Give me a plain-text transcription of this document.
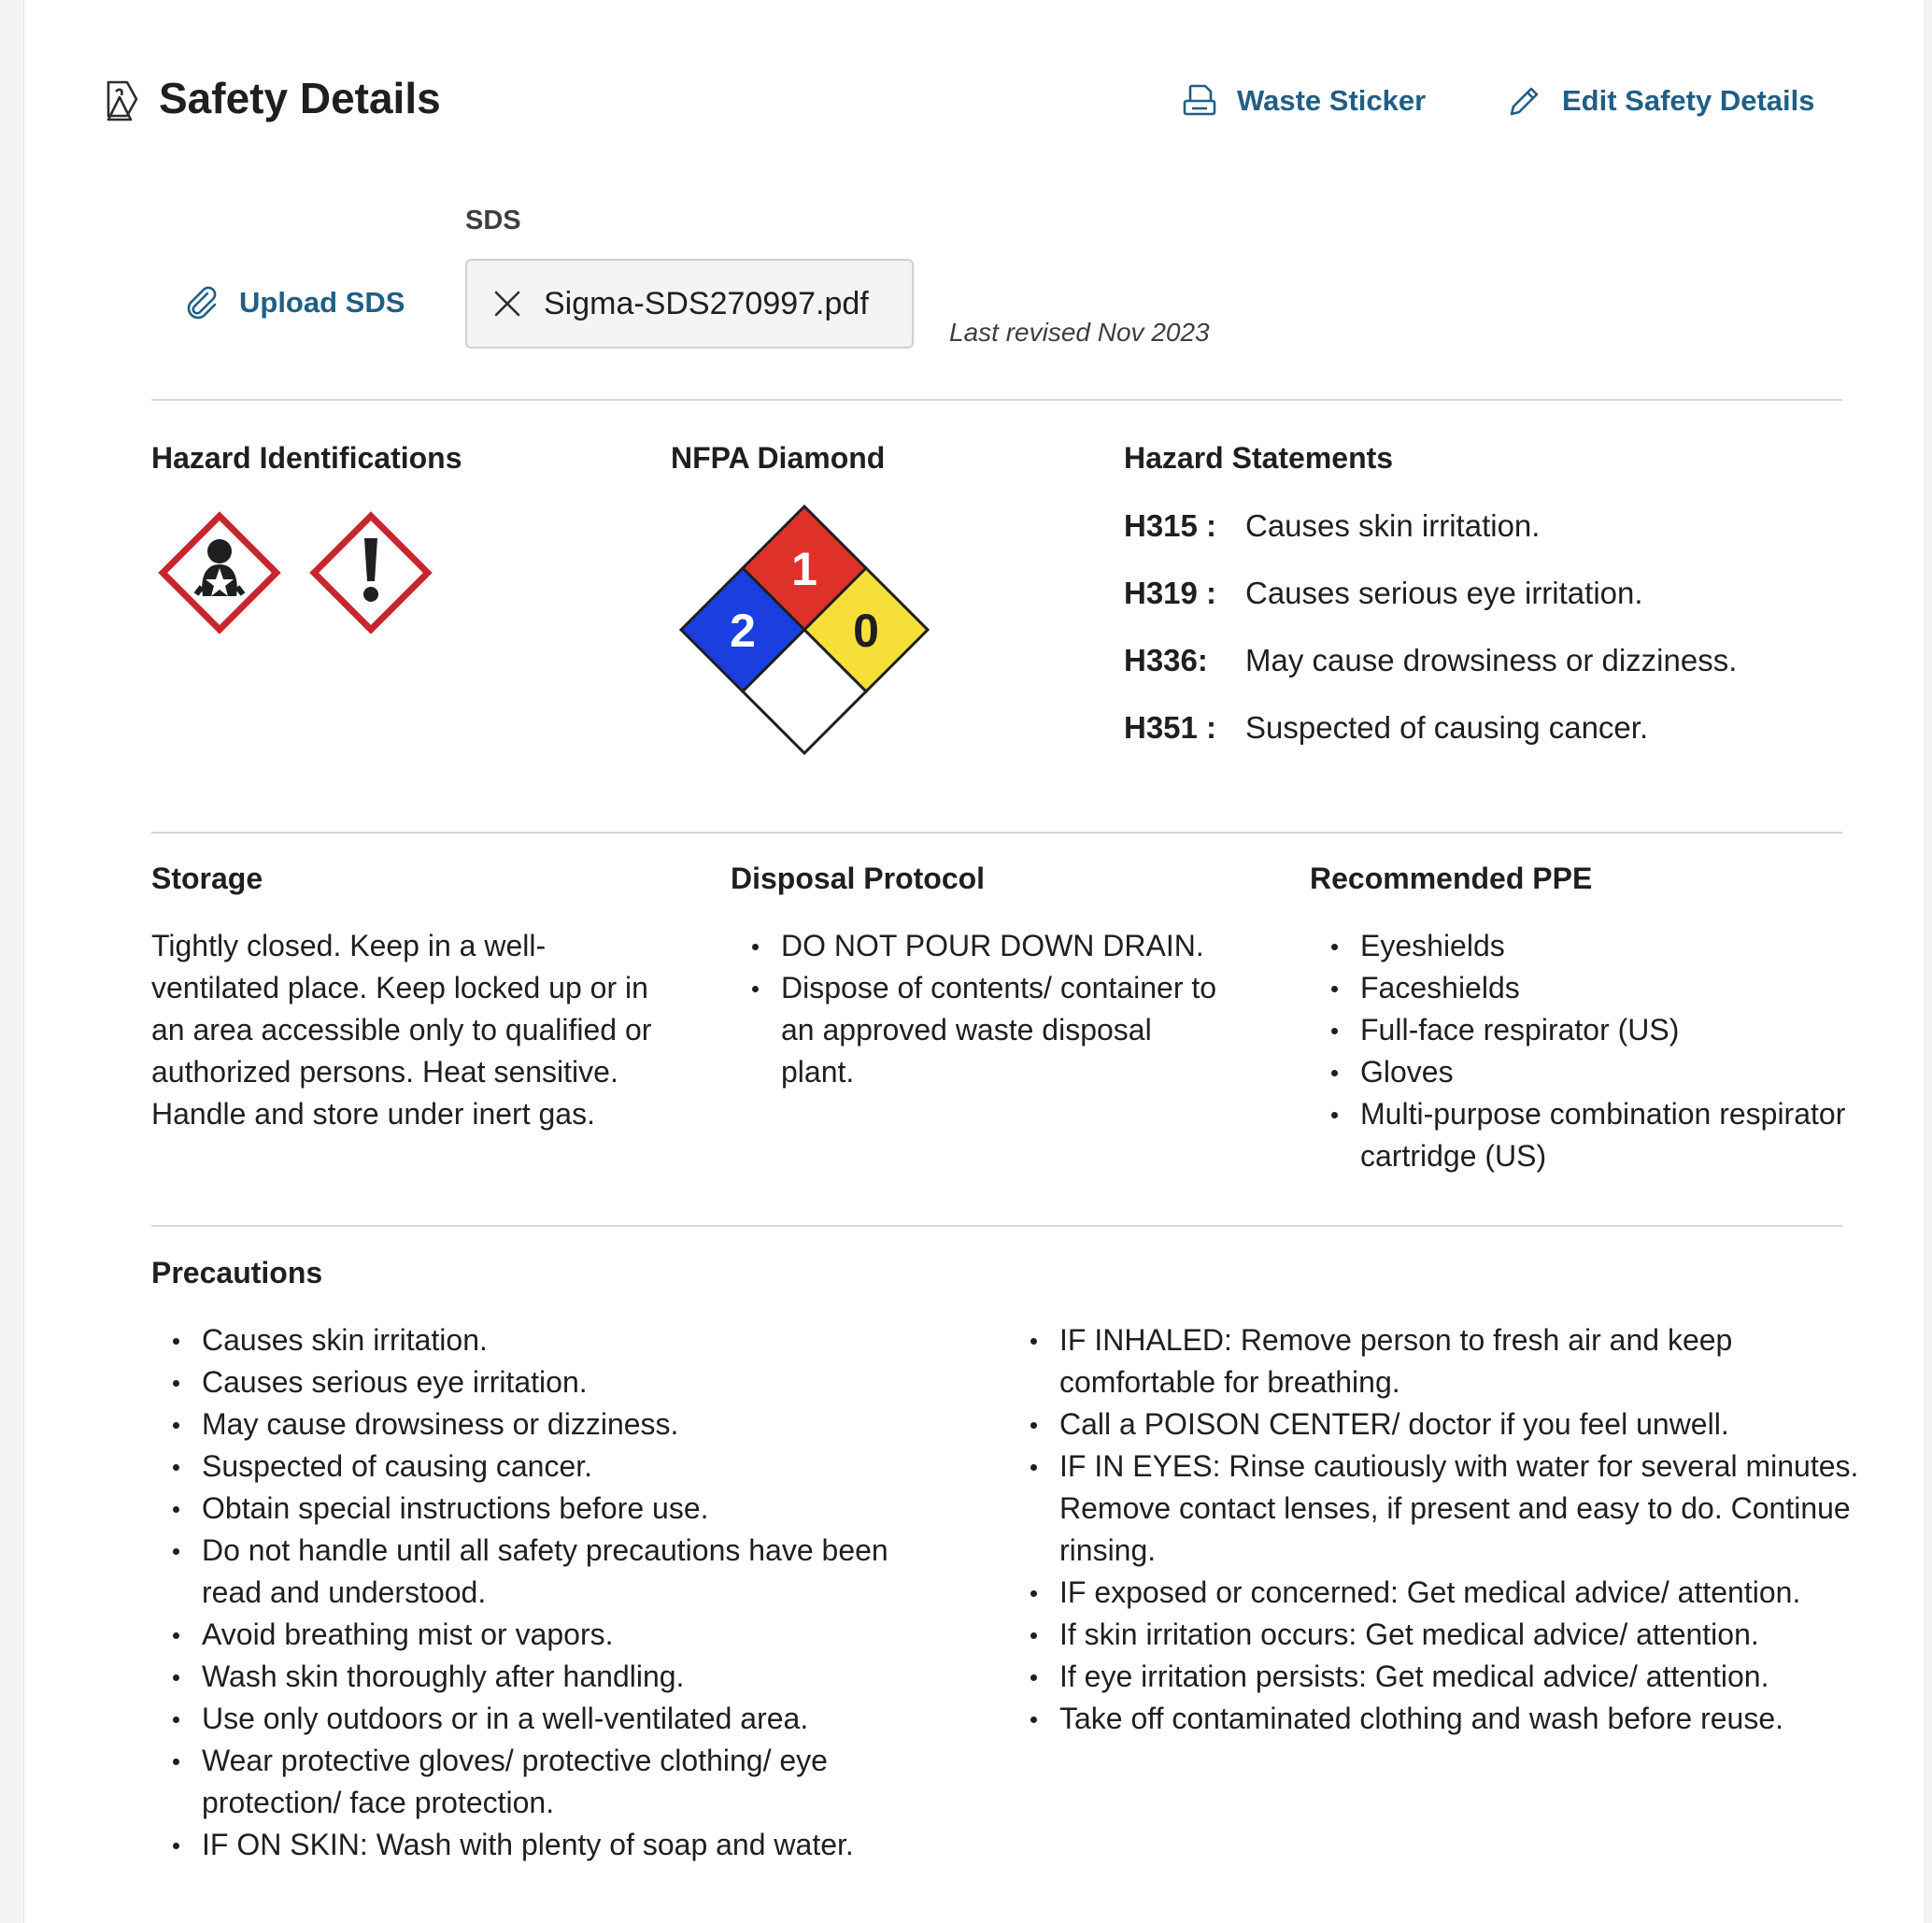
Safety Details	Waste Sticker	Edit Safety Details
SDS
Upload SDS	Sigma-SDS270997.pdf
Last revised Nov 2023
Hazard Identifications	NFPA Diamond
1
2 0
Hazard Statements
H315 : Causes skin irritation.
H319 : Causes serious eye irritation.
H336:	May cause drowsiness or dizziness.
H351 : Suspected of causing cancer.
Storage
Tightly closed. Keep in a well-ventilated place. Keep locked up or in an area accessible only to qualified or authorized persons. Heat sensitive. Handle and store under inert gas.
Disposal Protocol
DO NOT POUR DOWN DRAIN.
Dispose of contents/ container to an approved waste disposal plant.
Recommended PPE
Eyeshields
Faceshields
Full-face respirator (US)
Gloves
Multi-purpose combination respirator cartridge (US)
Precautions
Causes skin irritation.
Causes serious eye irritation.
May cause drowsiness or dizziness.
Suspected of causing cancer.
Obtain special instructions before use.
Do not handle until all safety precautions have been read and understood.
Avoid breathing mist or vapors.
Wash skin thoroughly after handling.
Use only outdoors or in a well-ventilated area.
Wear protective gloves/ protective clothing/ eye protection/ face protection.
IF ON SKIN: Wash with plenty of soap and water.
IF INHALED: Remove person to fresh air and keep comfortable for breathing.
Call a POISON CENTER/ doctor if you feel unwell.
IF IN EYES: Rinse cautiously with water for several minutes. Remove contact lenses, if present and easy to do. Continue rinsing.
IF exposed or concerned: Get medical advice/ attention.
If skin irritation occurs: Get medical advice/ attention.
If eye irritation persists: Get medical advice/ attention.
Take off contaminated clothing and wash before reuse.
